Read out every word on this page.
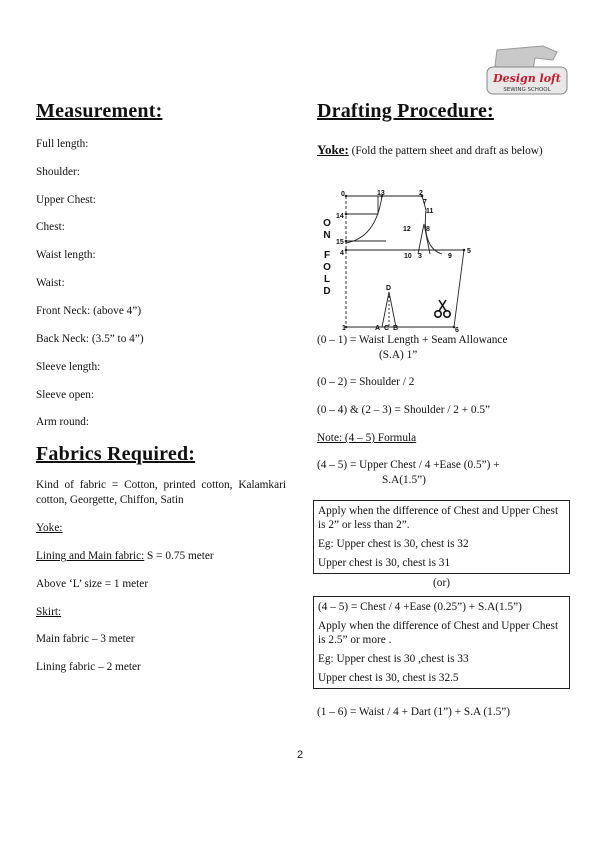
Design loft
SEWING SCHOOL
Measurement:
Full length:
Shoulder:
Upper Chest:
Chest:
Waist length:
Waist:
Front Neck: (above 4”)
Back Neck: (3.5” to 4”)
Sleeve length:
Sleeve open:
Arm round:
Fabrics Required:
Kind of fabric = Cotton, printed cotton, Kalamkari cotton, Georgette, Chiffon, Satin
Yoke:
Lining and Main fabric: S = 0.75 meter
Above ‘L’ size = 1 meter
Skirt:
Main fabric – 3 meter
Lining fabric – 2 meter
Drafting Procedure:
Yoke: (Fold the pattern sheet and draft as below)
O
N
F
O
L
D
0	13	2
7
11
14
12 8
15
4	10 3	9
5
D
1	A C B	6
(0 – 1) = Waist Length + Seam Allowance
(S.A) 1”
(0 – 2) = Shoulder / 2
(0 – 4) & (2 – 3) = Shoulder / 2 + 0.5”
Note: (4 – 5) Formula
(4 – 5) = Upper Chest / 4 +Ease (0.5”) +
S.A(1.5”)
Apply when the difference of Chest and Upper Chest is 2” or less than 2”.
Eg: Upper chest is 30, chest is 32
Upper chest is 30, chest is 31
(or)
(4 – 5) = Chest / 4 +Ease (0.25”) + S.A(1.5”)
Apply when the difference of Chest and Upper Chest is 2.5” or more .
Eg: Upper chest is 30 ,chest is 33
Upper chest is 30, chest is 32.5
(1 – 6) = Waist / 4 + Dart (1”) + S.A (1.5”)
2
